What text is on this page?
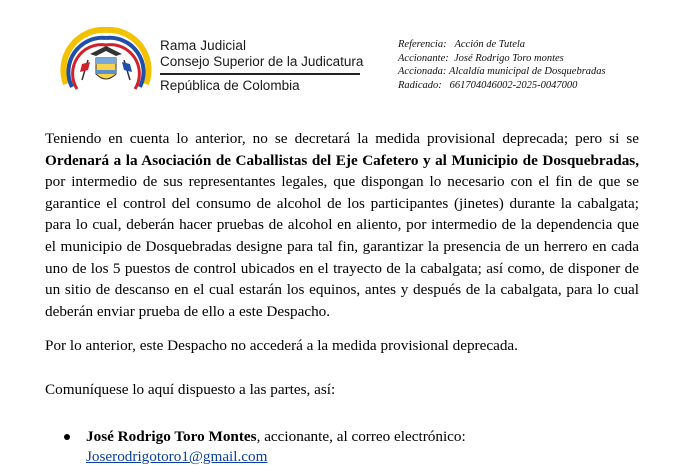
Rama Judicial
Consejo Superior de la Judicatura
República de Colombia
Referencia: Acción de Tutela
Accionante: José Rodrigo Toro montes
Accionada: Alcaldía municipal de Dosquebradas
Radicado: 661704046002-2025-0047000

Teniendo en cuenta lo anterior, no se decretará la medida provisional deprecada; pero si se Ordenará a la Asociación de Caballistas del Eje Cafetero y al Municipio de Dosquebradas, por intermedio de sus representantes legales, que dispongan lo necesario con el fin de que se garantice el control del consumo de alcohol de los participantes (jinetes) durante la cabalgata; para lo cual, deberán hacer pruebas de alcohol en aliento, por intermedio de la dependencia que el municipio de Dosquebradas designe para tal fin, garantizar la presencia de un herrero en cada uno de los 5 puestos de control ubicados en el trayecto de la cabalgata; así como, de disponer de un sitio de descanso en el cual estarán los equinos, antes y después de la cabalgata, para lo cual deberán enviar prueba de ello a este Despacho.

Por lo anterior, este Despacho no accederá a la medida provisional deprecada.

Comuníquese lo aquí dispuesto a las partes, así:

José Rodrigo Toro Montes, accionante, al correo electrónico:
Joserodrigotoro1@gmail.com
